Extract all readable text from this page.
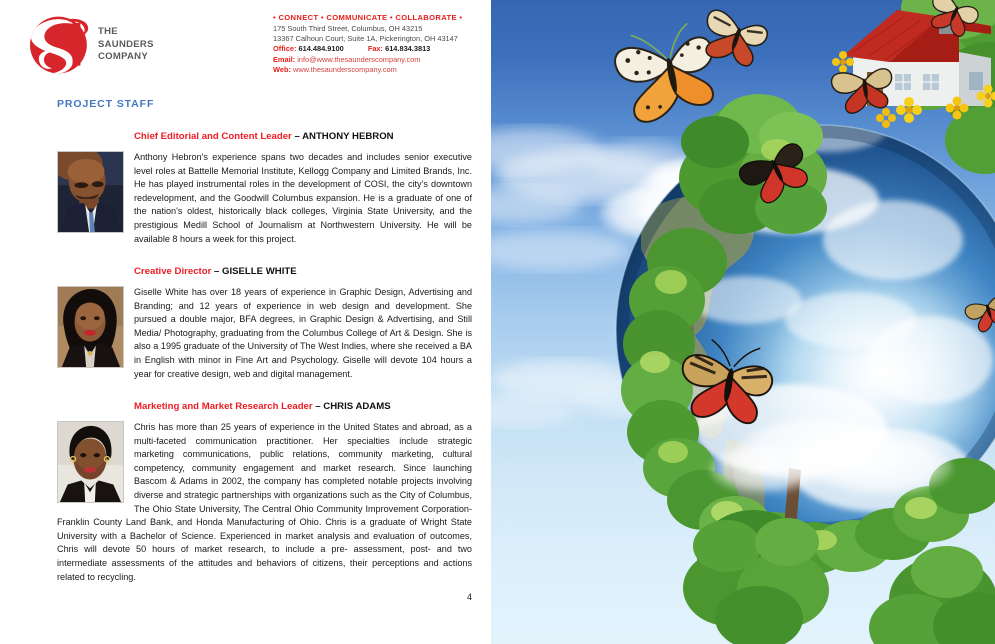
THE
SAUNDERS
COMPANY
• CONNECT • COMMUNICATE • COLLABORATE •
175 South Third Street, Columbus, OH 43215
13367 Calhoun Court, Suite 1A, Pickerington, OH 43147
Office: 614.484.9100	Fax: 614.834.3813
Email: info@www.thesaunderscompany.com
Web: www.thesaunderscompany.com
PROJECT STAFF
Chief Editorial and Content Leader – ANTHONY HEBRON

Anthony Hebron's experience spans two decades and includes senior executive level roles at Battelle Memorial Institute, Kellogg Company and Limited Brands, Inc. He has played instrumental roles in the development of COSI, the city's downtown redevelopment, and the Goodwill Columbus expansion. He is a graduate of one of the nation's oldest, historically black colleges, Virginia State University, and the prestigious Medill School of Journalism at Northwestern University. He will be available 8 hours a week for this project.

Creative Director – GISELLE WHITE

Giselle White has over 18 years of experience in Graphic Design, Advertising and Branding; and 12 years of experience in web design and development. She pursued a double major, BFA degrees, in Graphic Design & Advertising, and Still Media/ Photography, graduating from the Columbus College of Art & Design. She is also a 1995 graduate of the University of The West Indies, where she received a BA in English with minor in Fine Art and Psychology. Giselle will devote 104 hours a year for creative design, web and digital management.

Marketing and Market Research Leader – CHRIS ADAMS

Chris has more than 25 years of experience in the United States and abroad, as a multi-faceted communication practitioner. Her specialties include strategic marketing communications, public relations, community marketing, cultural competency, community engagement and market research. Since launching Bascom & Adams in 2002, the company has completed notable projects involving diverse and strategic partnerships with organizations such as the City of Columbus, The Ohio State University, The Central Ohio Community Improvement Corporation-Franklin County Land Bank, and Honda Manufacturing of Ohio. Chris is a graduate of Wright State University with a Bachelor of Science. Experienced in market analysis and evaluation of outcomes, Chris will devote 50 hours of market research, to include a pre- assessment, post- and two intermediate assessments of the attitudes and behaviors of citizens, their perceptions and actions related to recycling.

4
